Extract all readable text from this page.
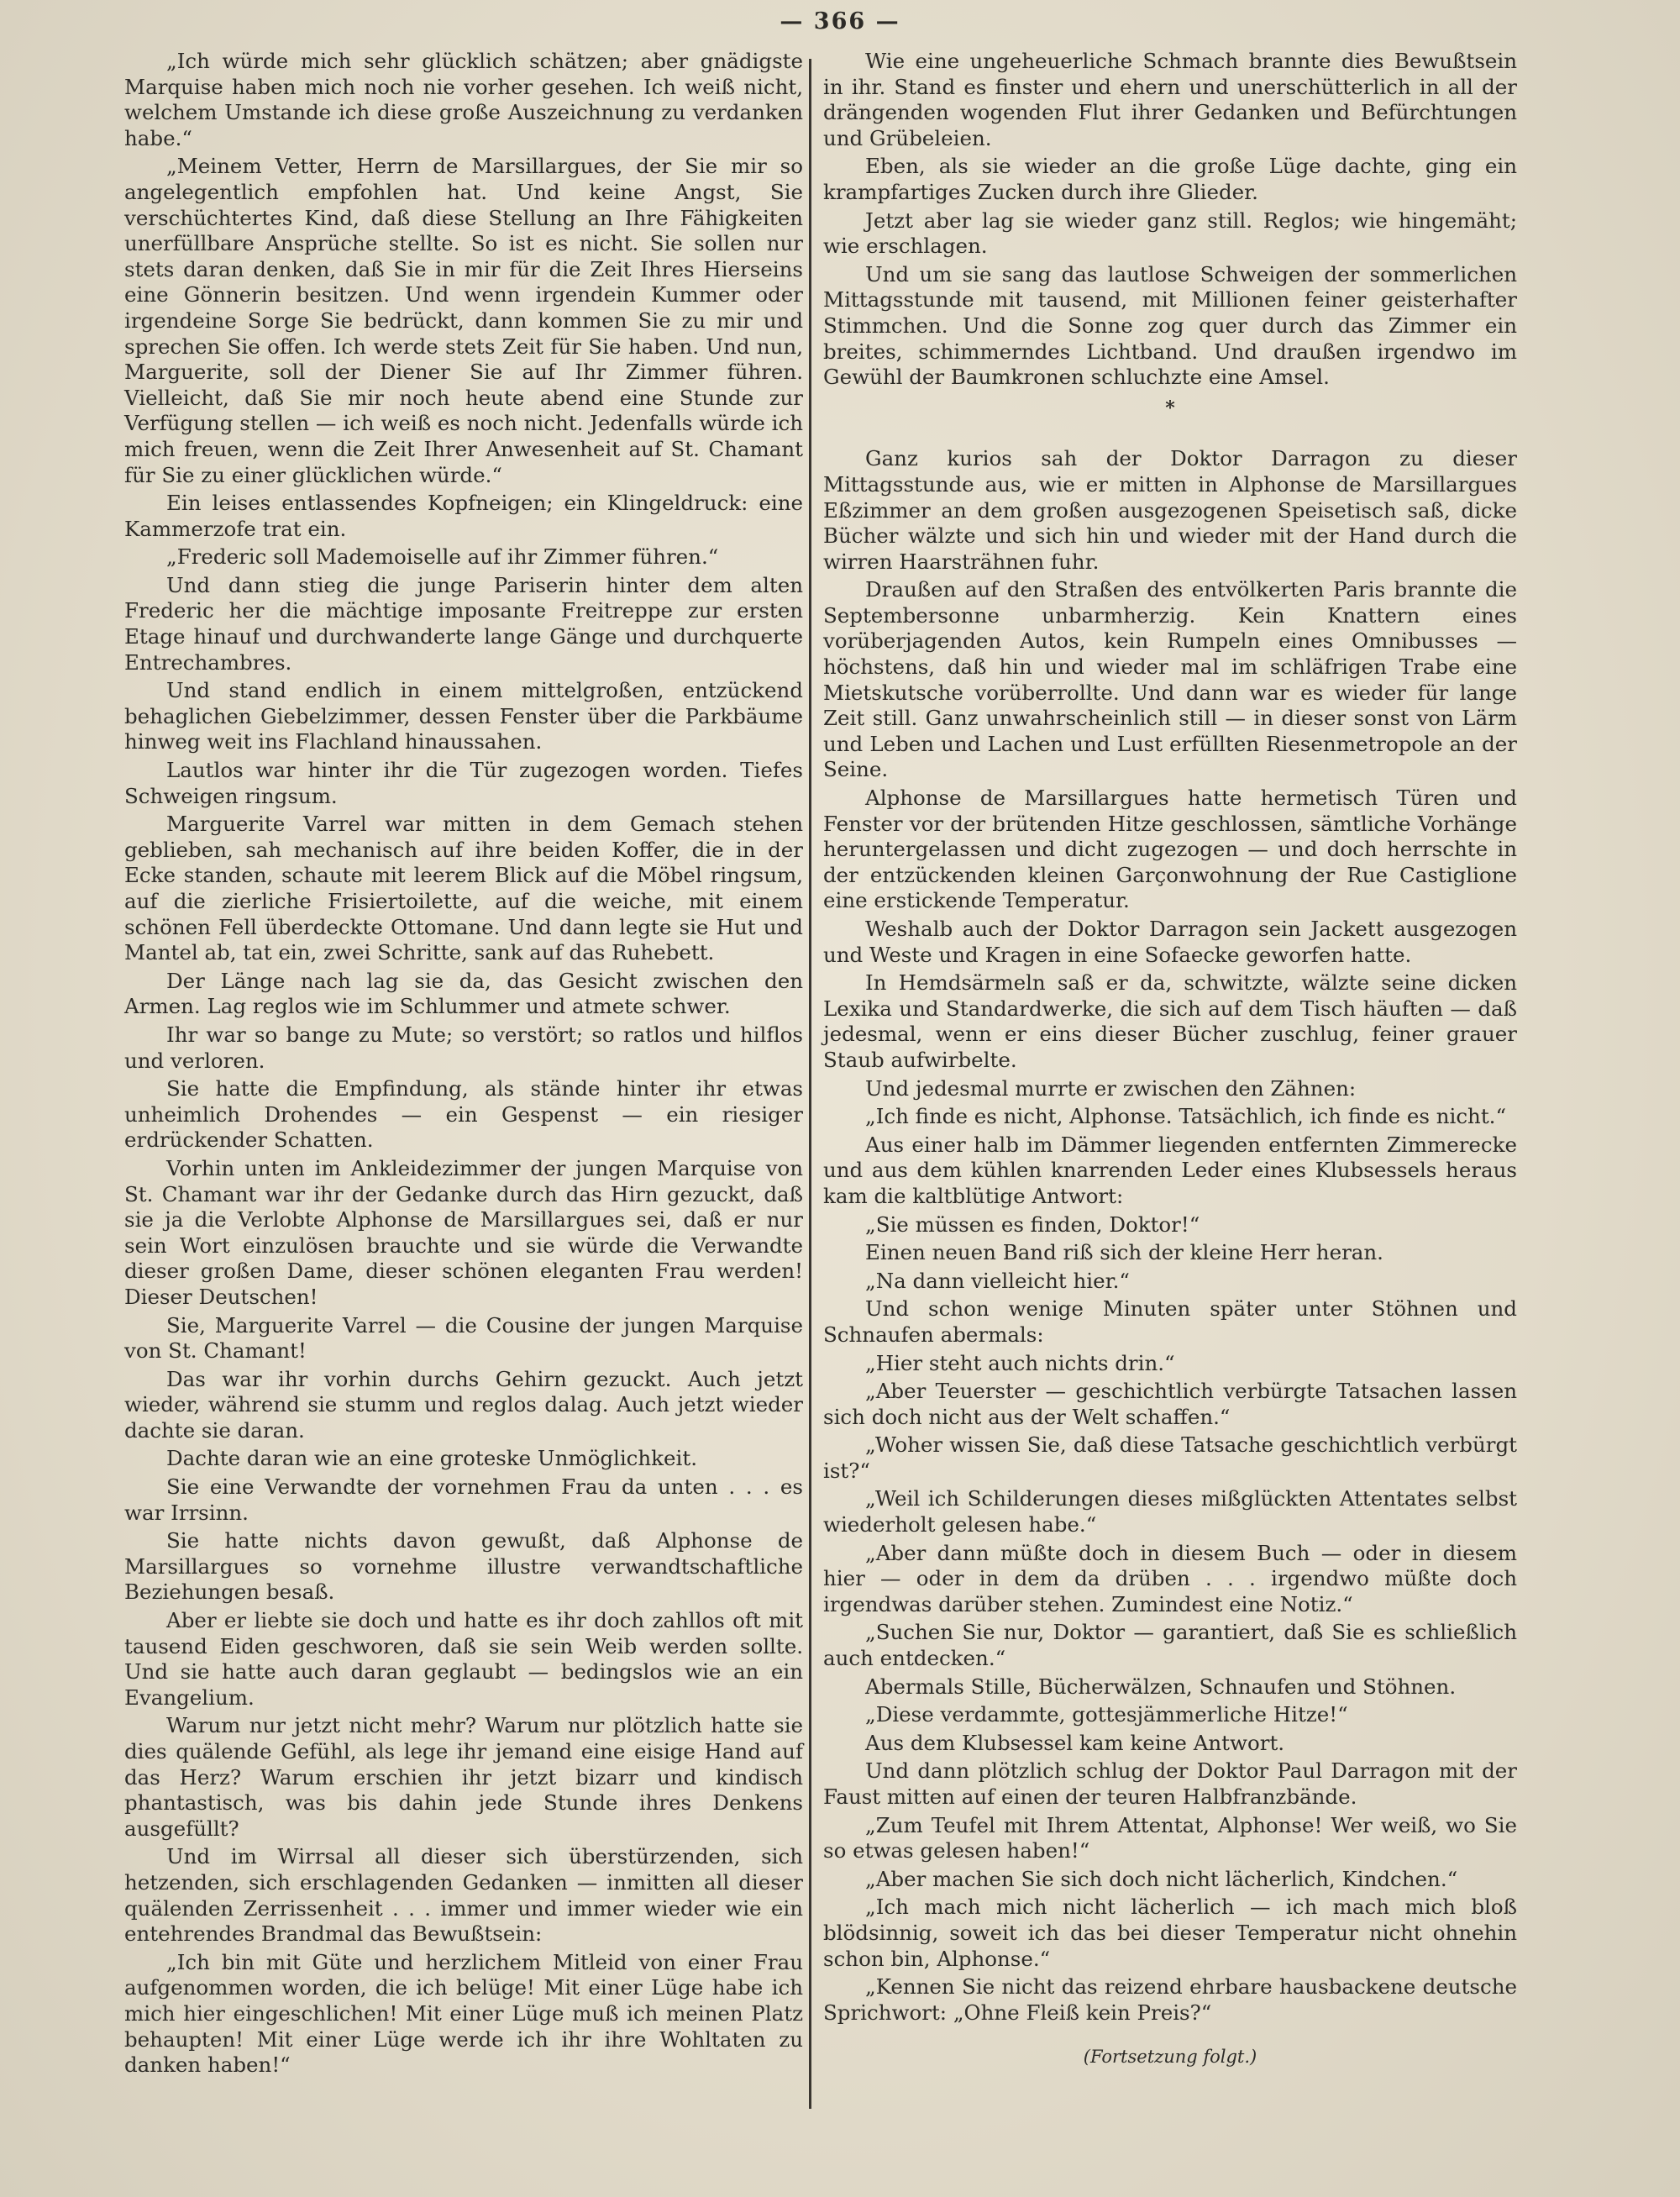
— 366 —

„Ich würde mich sehr glücklich schätzen; aber gnädigste Marquise haben mich noch nie vorher gesehen. Ich weiß nicht, welchem Umstande ich diese große Auszeichnung zu verdanken habe.“

„Meinem Vetter, Herrn de Marsillargues, der Sie mir so angelegentlich empfohlen hat. Und keine Angst, Sie verschüchtertes Kind, daß diese Stellung an Ihre Fähigkeiten unerfüllbare Ansprüche stellte. So ist es nicht. Sie sollen nur stets daran denken, daß Sie in mir für die Zeit Ihres Hierseins eine Gönnerin besitzen. Und wenn irgendein Kummer oder irgendeine Sorge Sie bedrückt, dann kommen Sie zu mir und sprechen Sie offen. Ich werde stets Zeit für Sie haben. Und nun, Marguerite, soll der Diener Sie auf Ihr Zimmer führen. Vielleicht, daß Sie mir noch heute abend eine Stunde zur Verfügung stellen — ich weiß es noch nicht. Jedenfalls würde ich mich freuen, wenn die Zeit Ihrer Anwesenheit auf St. Chamant für Sie zu einer glücklichen würde.“

Ein leises entlassendes Kopfneigen; ein Klingeldruck: eine Kammerzofe trat ein.

„Frederic soll Mademoiselle auf ihr Zimmer führen.“

Und dann stieg die junge Pariserin hinter dem alten Frederic her die mächtige imposante Freitreppe zur ersten Etage hinauf und durchwanderte lange Gänge und durchquerte Entrechambres.

Und stand endlich in einem mittelgroßen, entzückend behaglichen Giebelzimmer, dessen Fenster über die Parkbäume hinweg weit ins Flachland hinaussahen.

Lautlos war hinter ihr die Tür zugezogen worden. Tiefes Schweigen ringsum.

Marguerite Varrel war mitten in dem Gemach stehen geblieben, sah mechanisch auf ihre beiden Koffer, die in der Ecke standen, schaute mit leerem Blick auf die Möbel ringsum, auf die zierliche Frisiertoilette, auf die weiche, mit einem schönen Fell überdeckte Ottomane. Und dann legte sie Hut und Mantel ab, tat ein, zwei Schritte, sank auf das Ruhebett.

Der Länge nach lag sie da, das Gesicht zwischen den Armen. Lag reglos wie im Schlummer und atmete schwer.

Ihr war so bange zu Mute; so verstört; so ratlos und hilflos und verloren.

Sie hatte die Empfindung, als stände hinter ihr etwas unheimlich Drohendes — ein Gespenst — ein riesiger erdrückender Schatten.

Vorhin unten im Ankleidezimmer der jungen Marquise von St. Chamant war ihr der Gedanke durch das Hirn gezuckt, daß sie ja die Verlobte Alphonse de Marsillargues sei, daß er nur sein Wort einzulösen brauchte und sie würde die Verwandte dieser großen Dame, dieser schönen eleganten Frau werden! Dieser Deutschen!

Sie, Marguerite Varrel — die Cousine der jungen Marquise von St. Chamant!

Das war ihr vorhin durchs Gehirn gezuckt. Auch jetzt wieder, während sie stumm und reglos dalag. Auch jetzt wieder dachte sie daran.

Dachte daran wie an eine groteske Unmöglichkeit.

Sie eine Verwandte der vornehmen Frau da unten . . . es war Irrsinn.

Sie hatte nichts davon gewußt, daß Alphonse de Marsillargues so vornehme illustre verwandtschaftliche Beziehungen besaß.

Aber er liebte sie doch und hatte es ihr doch zahllos oft mit tausend Eiden geschworen, daß sie sein Weib werden sollte. Und sie hatte auch daran geglaubt — bedingslos wie an ein Evangelium.

Warum nur jetzt nicht mehr? Warum nur plötzlich hatte sie dies quälende Gefühl, als lege ihr jemand eine eisige Hand auf das Herz? Warum erschien ihr jetzt bizarr und kindisch phantastisch, was bis dahin jede Stunde ihres Denkens ausgefüllt?

Und im Wirrsal all dieser sich überstürzenden, sich hetzenden, sich erschlagenden Gedanken — inmitten all dieser quälenden Zerrissenheit . . . immer und immer wieder wie ein entehrendes Brandmal das Bewußtsein:

„Ich bin mit Güte und herzlichem Mitleid von einer Frau aufgenommen worden, die ich belüge! Mit einer Lüge habe ich mich hier eingeschlichen! Mit einer Lüge muß ich meinen Platz behaupten! Mit einer Lüge werde ich ihr ihre Wohltaten zu danken haben!“

Wie eine ungeheuerliche Schmach brannte dies Bewußtsein in ihr. Stand es finster und ehern und unerschütterlich in all der drängenden wogenden Flut ihrer Gedanken und Befürchtungen und Grübeleien.

Eben, als sie wieder an die große Lüge dachte, ging ein krampfartiges Zucken durch ihre Glieder.

Jetzt aber lag sie wieder ganz still. Reglos; wie hingemäht; wie erschlagen.

Und um sie sang das lautlose Schweigen der sommerlichen Mittagsstunde mit tausend, mit Millionen feiner geisterhafter Stimmchen. Und die Sonne zog quer durch das Zimmer ein breites, schimmerndes Lichtband. Und draußen irgendwo im Gewühl der Baumkronen schluchzte eine Amsel.

*

Ganz kurios sah der Doktor Darragon zu dieser Mittagsstunde aus, wie er mitten in Alphonse de Marsillargues Eßzimmer an dem großen ausgezogenen Speisetisch saß, dicke Bücher wälzte und sich hin und wieder mit der Hand durch die wirren Haarsträhnen fuhr.

Draußen auf den Straßen des entvölkerten Paris brannte die Septembersonne unbarmherzig. Kein Knattern eines vorüberjagenden Autos, kein Rumpeln eines Omnibusses — höchstens, daß hin und wieder mal im schläfrigen Trabe eine Mietskutsche vorüberrollte. Und dann war es wieder für lange Zeit still. Ganz unwahrscheinlich still — in dieser sonst von Lärm und Leben und Lachen und Lust erfüllten Riesenmetropole an der Seine.

Alphonse de Marsillargues hatte hermetisch Türen und Fenster vor der brütenden Hitze geschlossen, sämtliche Vorhänge heruntergelassen und dicht zugezogen — und doch herrschte in der entzückenden kleinen Garçonwohnung der Rue Castiglione eine erstickende Temperatur.

Weshalb auch der Doktor Darragon sein Jackett ausgezogen und Weste und Kragen in eine Sofaecke geworfen hatte.

In Hemdsärmeln saß er da, schwitzte, wälzte seine dicken Lexika und Standardwerke, die sich auf dem Tisch häuften — daß jedesmal, wenn er eins dieser Bücher zuschlug, feiner grauer Staub aufwirbelte.

Und jedesmal murrte er zwischen den Zähnen:

„Ich finde es nicht, Alphonse. Tatsächlich, ich finde es nicht.“

Aus einer halb im Dämmer liegenden entfernten Zimmerecke und aus dem kühlen knarrenden Leder eines Klubsessels heraus kam die kaltblütige Antwort:

„Sie müssen es finden, Doktor!“

Einen neuen Band riß sich der kleine Herr heran.

„Na dann vielleicht hier.“

Und schon wenige Minuten später unter Stöhnen und Schnaufen abermals:

„Hier steht auch nichts drin.“

„Aber Teuerster — geschichtlich verbürgte Tatsachen lassen sich doch nicht aus der Welt schaffen.“

„Woher wissen Sie, daß diese Tatsache geschichtlich verbürgt ist?“

„Weil ich Schilderungen dieses mißglückten Attentates selbst wiederholt gelesen habe.“

„Aber dann müßte doch in diesem Buch — oder in diesem hier — oder in dem da drüben . . . irgendwo müßte doch irgendwas darüber stehen. Zumindest eine Notiz.“

„Suchen Sie nur, Doktor — garantiert, daß Sie es schließlich auch entdecken.“

Abermals Stille, Bücherwälzen, Schnaufen und Stöhnen.

„Diese verdammte, gottesjämmerliche Hitze!“

Aus dem Klubsessel kam keine Antwort.

Und dann plötzlich schlug der Doktor Paul Darragon mit der Faust mitten auf einen der teuren Halbfranzbände.

„Zum Teufel mit Ihrem Attentat, Alphonse! Wer weiß, wo Sie so etwas gelesen haben!“

„Aber machen Sie sich doch nicht lächerlich, Kindchen.“

„Ich mach mich nicht lächerlich — ich mach mich bloß blödsinnig, soweit ich das bei dieser Temperatur nicht ohnehin schon bin, Alphonse.“

„Kennen Sie nicht das reizend ehrbare hausbackene deutsche Sprichwort: „Ohne Fleiß kein Preis?“

(Fortsetzung folgt.)
